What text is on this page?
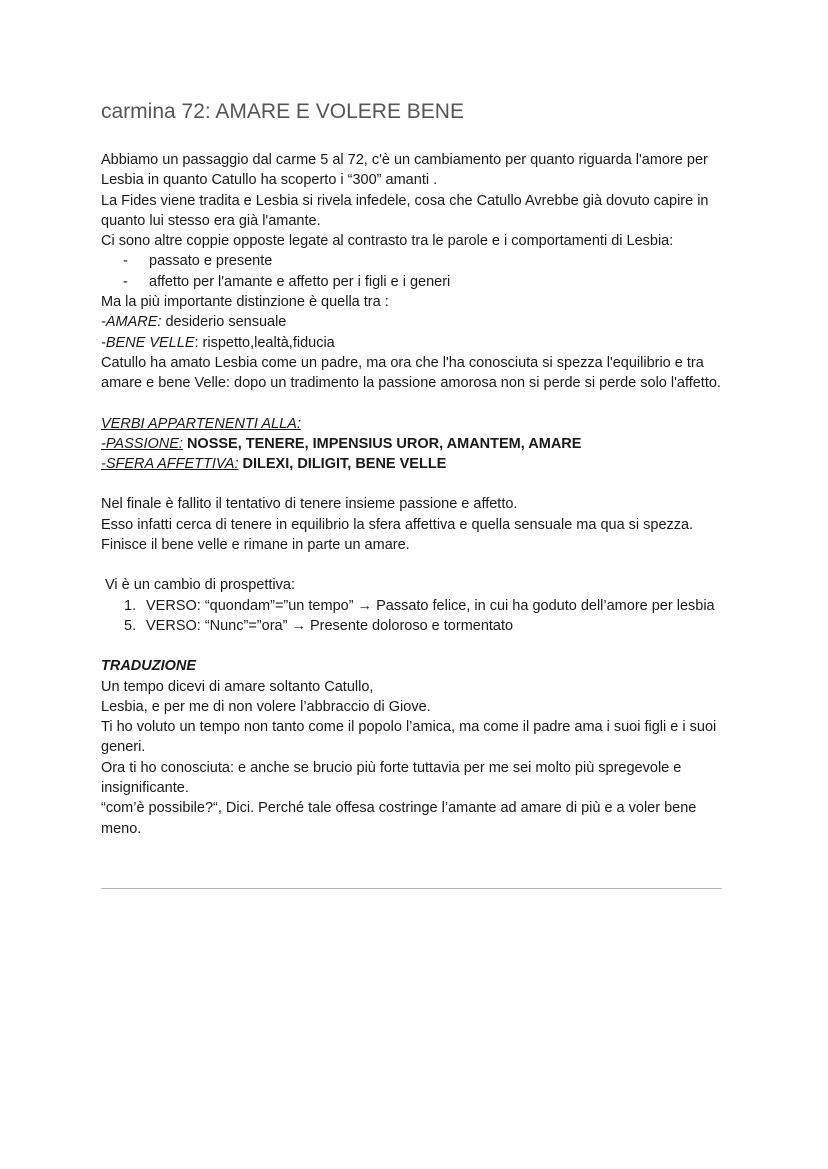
carmina 72: AMARE E VOLERE BENE

Abbiamo un passaggio dal carme 5 al 72, c'è un cambiamento per quanto riguarda l'amore per Lesbia in quanto Catullo ha scoperto i “300” amanti .

La Fides viene tradita e Lesbia si rivela infedele, cosa che Catullo Avrebbe già dovuto capire in quanto lui stesso era già l'amante.

Ci sono altre coppie opposte legate al contrasto tra le parole e i comportamenti di Lesbia:

-	passato e presente
-	affetto per l'amante e affetto per i figli e i generi

Ma la più importante distinzione è quella tra :

-AMARE: desiderio sensuale

-BENE VELLE: rispetto,lealtà,fiducia

Catullo ha amato Lesbia come un padre, ma ora che l'ha conosciuta si spezza l'equilibrio e tra amare e bene Velle: dopo un tradimento la passione amorosa non si perde si perde solo l'affetto.

VERBI APPARTENENTI ALLA:

-PASSIONE: NOSSE, TENERE, IMPENSIUS UROR, AMANTEM, AMARE

-SFERA AFFETTIVA: DILEXI, DILIGIT, BENE VELLE

Nel finale è fallito il tentativo di tenere insieme passione e affetto.

Esso infatti cerca di tenere in equilibrio la sfera affettiva e quella sensuale ma qua si spezza.

Finisce il bene velle e rimane in parte un amare.

Vi è un cambio di prospettiva:

1. VERSO: “quondam”=”un tempo” → Passato felice, in cui ha goduto dell’amore per lesbia
5. VERSO: “Nunc”=”ora” → Presente doloroso e tormentato

TRADUZIONE

Un tempo dicevi di amare soltanto Catullo,

Lesbia, e per me di non volere l’abbraccio di Giove.

Ti ho voluto un tempo non tanto come il popolo l’amica, ma come il padre ama i suoi figli e i suoi generi.

Ora ti ho conosciuta: e anche se brucio più forte tuttavia per me sei molto più spregevole e insignificante.

“com’è possibile?“, Dici. Perché tale offesa costringe l’amante ad amare di più e a voler bene meno.
